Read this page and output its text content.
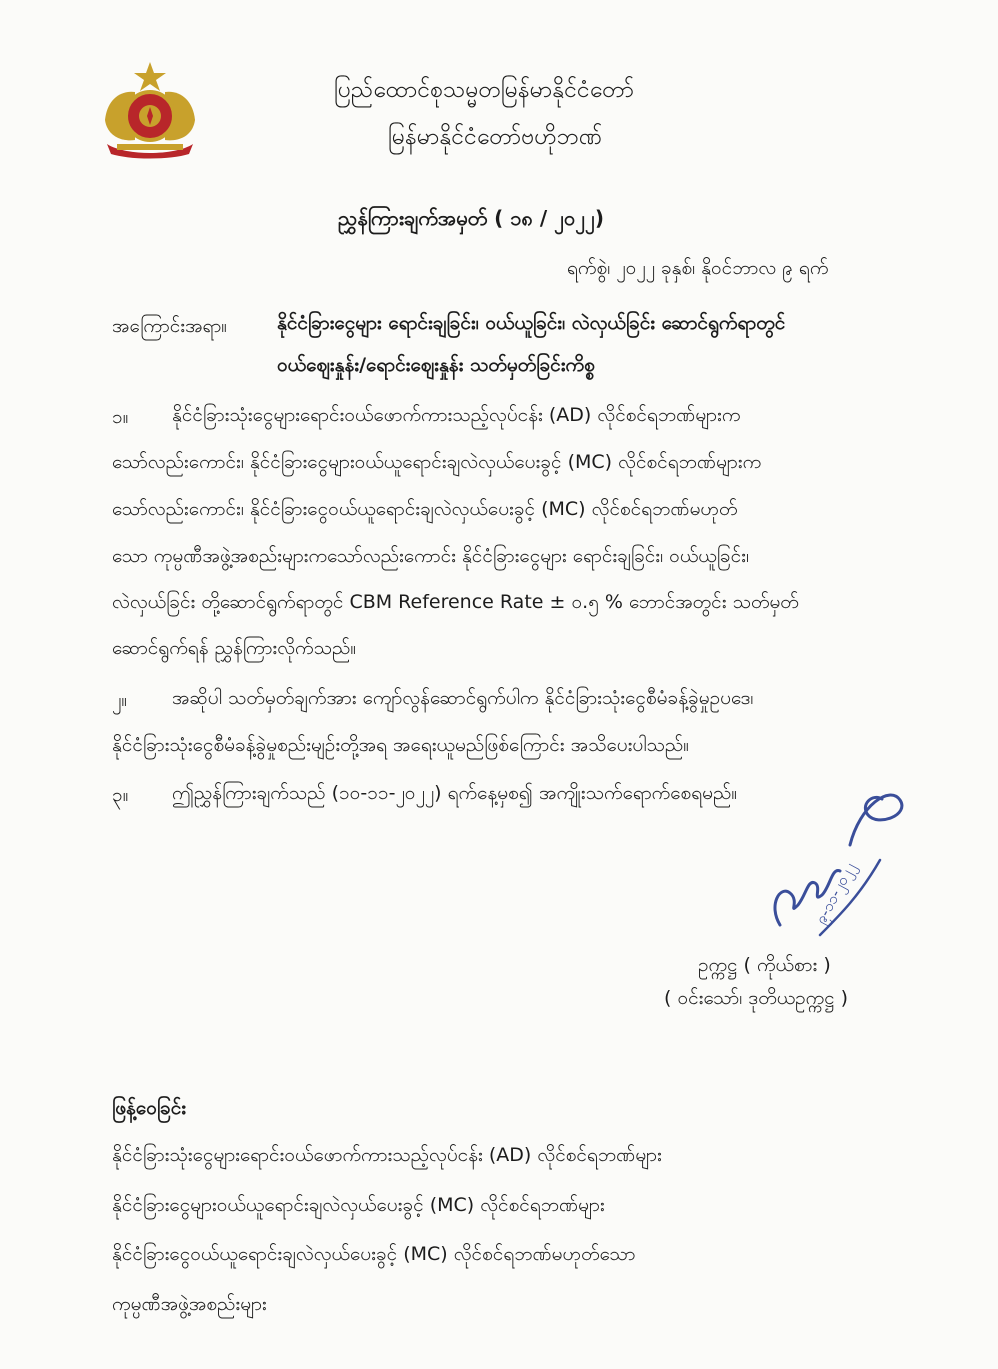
ပြည်ထောင်စုသမ္မတမြန်မာနိုင်ငံတော်
မြန်မာနိုင်ငံတော်ဗဟိုဘဏ်
ညွှန်ကြားချက်အမှတ် ( ၁၈ / ၂၀၂၂)
ရက်စွဲ၊ ၂၀၂၂ ခုနှစ်၊ နိုဝင်ဘာလ ၉ ရက်
အကြောင်းအရာ။	နိုင်ငံခြားငွေများ ရောင်းချခြင်း၊ ဝယ်ယူခြင်း၊ လဲလှယ်ခြင်း ဆောင်ရွက်ရာတွင်
ဝယ်ဈေးနှုန်း/ရောင်းဈေးနှုန်း သတ်မှတ်ခြင်းကိစ္စ
၁။ နိုင်ငံခြားသုံးငွေများရောင်းဝယ်ဖောက်ကားသည့်လုပ်ငန်း (AD) လိုင်စင်ရဘဏ်များက
သော်လည်းကောင်း၊ နိုင်ငံခြားငွေများဝယ်ယူရောင်းချလဲလှယ်ပေးခွင့် (MC) လိုင်စင်ရဘဏ်များက
သော်လည်းကောင်း၊ နိုင်ငံခြားငွေဝယ်ယူရောင်းချလဲလှယ်ပေးခွင့် (MC) လိုင်စင်ရဘဏ်မဟုတ်
သော ကုမ္ပဏီအဖွဲ့အစည်းများကသော်လည်းကောင်း နိုင်ငံခြားငွေများ ရောင်းချခြင်း၊ ဝယ်ယူခြင်း၊
လဲလှယ်ခြင်း တို့ဆောင်ရွက်ရာတွင် CBM Reference Rate ± ၀.၅ % ဘောင်အတွင်း သတ်မှတ်
ဆောင်ရွက်ရန် ညွှန်ကြားလိုက်သည်။
၂။ အဆိုပါ သတ်မှတ်ချက်အား ကျော်လွန်ဆောင်ရွက်ပါက နိုင်ငံခြားသုံးငွေစီမံခန့်ခွဲမှုဥပဒေ၊
နိုင်ငံခြားသုံးငွေစီမံခန့်ခွဲမှုစည်းမျဉ်းတို့အရ အရေးယူမည်ဖြစ်ကြောင်း အသိပေးပါသည်။
၃။ ဤညွှန်ကြားချက်သည် (၁၀-၁၁-၂၀၂၂) ရက်နေ့မှစ၍ အကျိုးသက်ရောက်စေရမည်။
၉-၁၁-၂၀၂၂
ဥက္ကဋ္ဌ ( ကိုယ်စား )
( ဝင်းသော်၊ ဒုတိယဥက္ကဋ္ဌ )
ဖြန့်ဝေခြင်း
နိုင်ငံခြားသုံးငွေများရောင်းဝယ်ဖောက်ကားသည့်လုပ်ငန်း (AD) လိုင်စင်ရဘဏ်များ
နိုင်ငံခြားငွေများဝယ်ယူရောင်းချလဲလှယ်ပေးခွင့် (MC) လိုင်စင်ရဘဏ်များ
နိုင်ငံခြားငွေဝယ်ယူရောင်းချလဲလှယ်ပေးခွင့် (MC) လိုင်စင်ရဘဏ်မဟုတ်သော
ကုမ္ပဏီအဖွဲ့အစည်းများ
